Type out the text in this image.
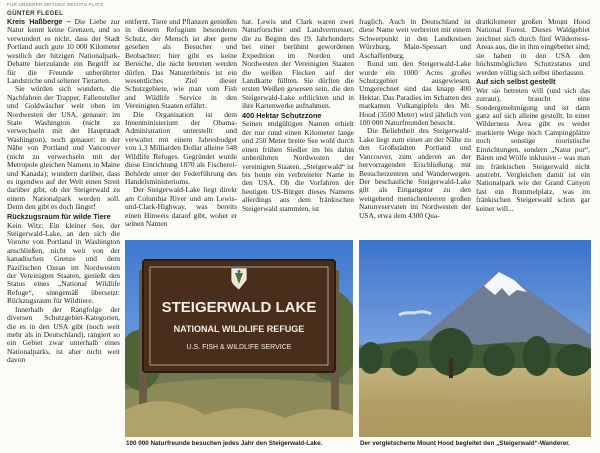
FÜR UNSERER ZEITUNG RECHTS PLATZ
GÜNTER FLEGEL

Kreis Haßberge – Die Liebe zur Natur kennt keine Grenzen, und so verwundert es nicht, dass der Stadt Portland auch gute 10 000 Kilometer westlich der hitzigen Nationalpark-Debatte hierzulande ein Begriff ist für die Freunde unberührter Landstriche und seltener Tierarten.

Sie würden sich wundern, die Nachfahren der Trapper, Fallensteller und Goldwäscher weit oben im Nordwesten der USA, genauer: im State Washington (nicht zu verwechseln mit der Hauptstadt Washington), noch genauer: in der Nähe von Portland und Vancouver (nicht zu verwechseln mit der Metropole gleichen Namens in Maine und Kanada); wundern darüber, dass es irgendwo auf der Welt einen Streit darüber gibt, ob der Steigerwald zu einem Nationalpark werden soll. Denn den gibt es doch längst!

Rückzugsraum für wilde Tiere

Kein Witz: Ein kleiner See, der Steigerwald-Lake, an den sich die Vororte von Portland in Washington anschließen, nicht weit von der kanadischen Grenze und dem Pazifischen Ozean im Nordwesten der Vereinigten Staaten, genießt den Status eines „National Wildlife Refuge“, sinngemäß übersetzt: Rückzugsraum für Wildtiere.

Innerhalb der Rangfolge der diversen Schutzgebiet-Kategorien, die es in den USA gibt (noch weit mehr als in Deutschland), rangiert so ein Gebiet zwar unterhalb eines Nationalparks, ist aber nicht weit davon

entfernt. Tiere und Pflanzen genießen in diesem Refugium besonderen Schutz, der Mensch ist aber gerne gesehen als Besucher und Beobachter; hier gibt es keine Bereiche, die nicht betreten werden dürfen. Das Naturerlebnis ist ein wesentliches Ziel dieser Schutzgebiete, wie man vom Fish and Wildlife Service in den Vereinigten Staaten erfährt.

Die Organisation ist dem Innenministerium der Obama-Administration unterstellt und verwaltet mit einem Jahresbudget von 1,3 Milliarden Dollar alleine 548 Wildlife Refuges. Gegründet wurde diese Einrichtung 1870 als Fischerei-Behörde unter der Federführung des Handelsministeriums.

Der Steigerwald-Lake liegt direkt am Columbia River und am Lewis-und-Clark-Highway, was bereits einen Hinweis darauf gibt, woher er seinen Namen

hat. Lewis und Clark waren zwei Naturforscher und Landvermesser, die zu Beginn des 19. Jahrhunderts bei einer berühmt gewordenen Expedition im Norden und Nordwesten der Vereinigten Staaten die weißen Flecken auf der Landkarte füllten. Sie dürften die ersten Weißen gewesen sein, die den Steigerwald-Lake erblickten und in ihre Kartenwerke aufnahmen.

400 Hektar Schutzzone

Seinen endgültigen Namen erhielt der nur rund einen Kilometer lange und 250 Meter breite See wohl durch einen frühen Siedler im bis dahin unberührten Nordwesten der vereinigten Staaten. „Steigerwald“ ist bis heute ein verbreiteter Name in den USA. Ob die Vorfahren der heutigen US-Bürger dieses Namens allerdings aus dem fränkischen Steigerwald stammten, ist

fraglich. Auch in Deutschland ist diese Name weit verbreitet mit einem Schwerpunkt in den Landkreisen Würzburg, Main-Spessart und Aschaffenburg.

Rund um den Steigerwald-Lake wurde ein 1000 Acres großes Schutzgebiet ausgewiesen. Umgerechnet sind das knapp 400 Hektar. Das Paradies im Schatten des markanten Vulkangipfels des Mt. Hood (3500 Meter) wird jährlich von 100 000 Naturfreunden besucht.

Die Beliebtheit des Steigerwald-Lake liegt zum einen an der Nähe zu den Großstädten Portland und Vancouver, zum anderen an der hervorragenden Erschließung mit Besucherzentren und Wanderwegen. Der beschauliche Steigerwald-Lake gilt als Eingangstor zu den weitgehend menschenleeren großen Naturreservaten im Nordwesten der USA, etwa dem 4300 Qua-

dratkilometer großen Mount Hood National Forest. Dieses Waldgebiet zeichnet sich durch fünf Wilderness-Areas aus, die in ihm eingebettet sind; sie haben in den USA den höchstmöglichen Schutzstatus und werden völlig sich selbst überlassen.

Auf sich selbst gestellt

Wer sie betreten will (und sich das zutraut), braucht eine Sondergenehmigung und ist dann ganz auf sich alleine gestellt. In einer Wilderness Area gibt es weder markierte Wege noch Campingplätze noch sonstige touristische Einrichtungen, sondern „Natur pur“, Bären und Wölfe inklusive – was man im fränkischen Steigerwald nicht anstrebt. Vergleichen damit ist ein Nationalpark wie der Grand Canyon fast ein Rummelplatz, was im fränkischen Steigerwald schon gar keiner will...

STEIGERWALD LAKE
NATIONAL WILDLIFE REFUGE
U.S. FISH & WILDLIFE SERVICE
100 000 Naturfreunde besuchen jedes Jahr den Steigerwald-Lake.	Der vergletscherte Mount Hood begleitet den „Steigerwald“-Wanderer.
